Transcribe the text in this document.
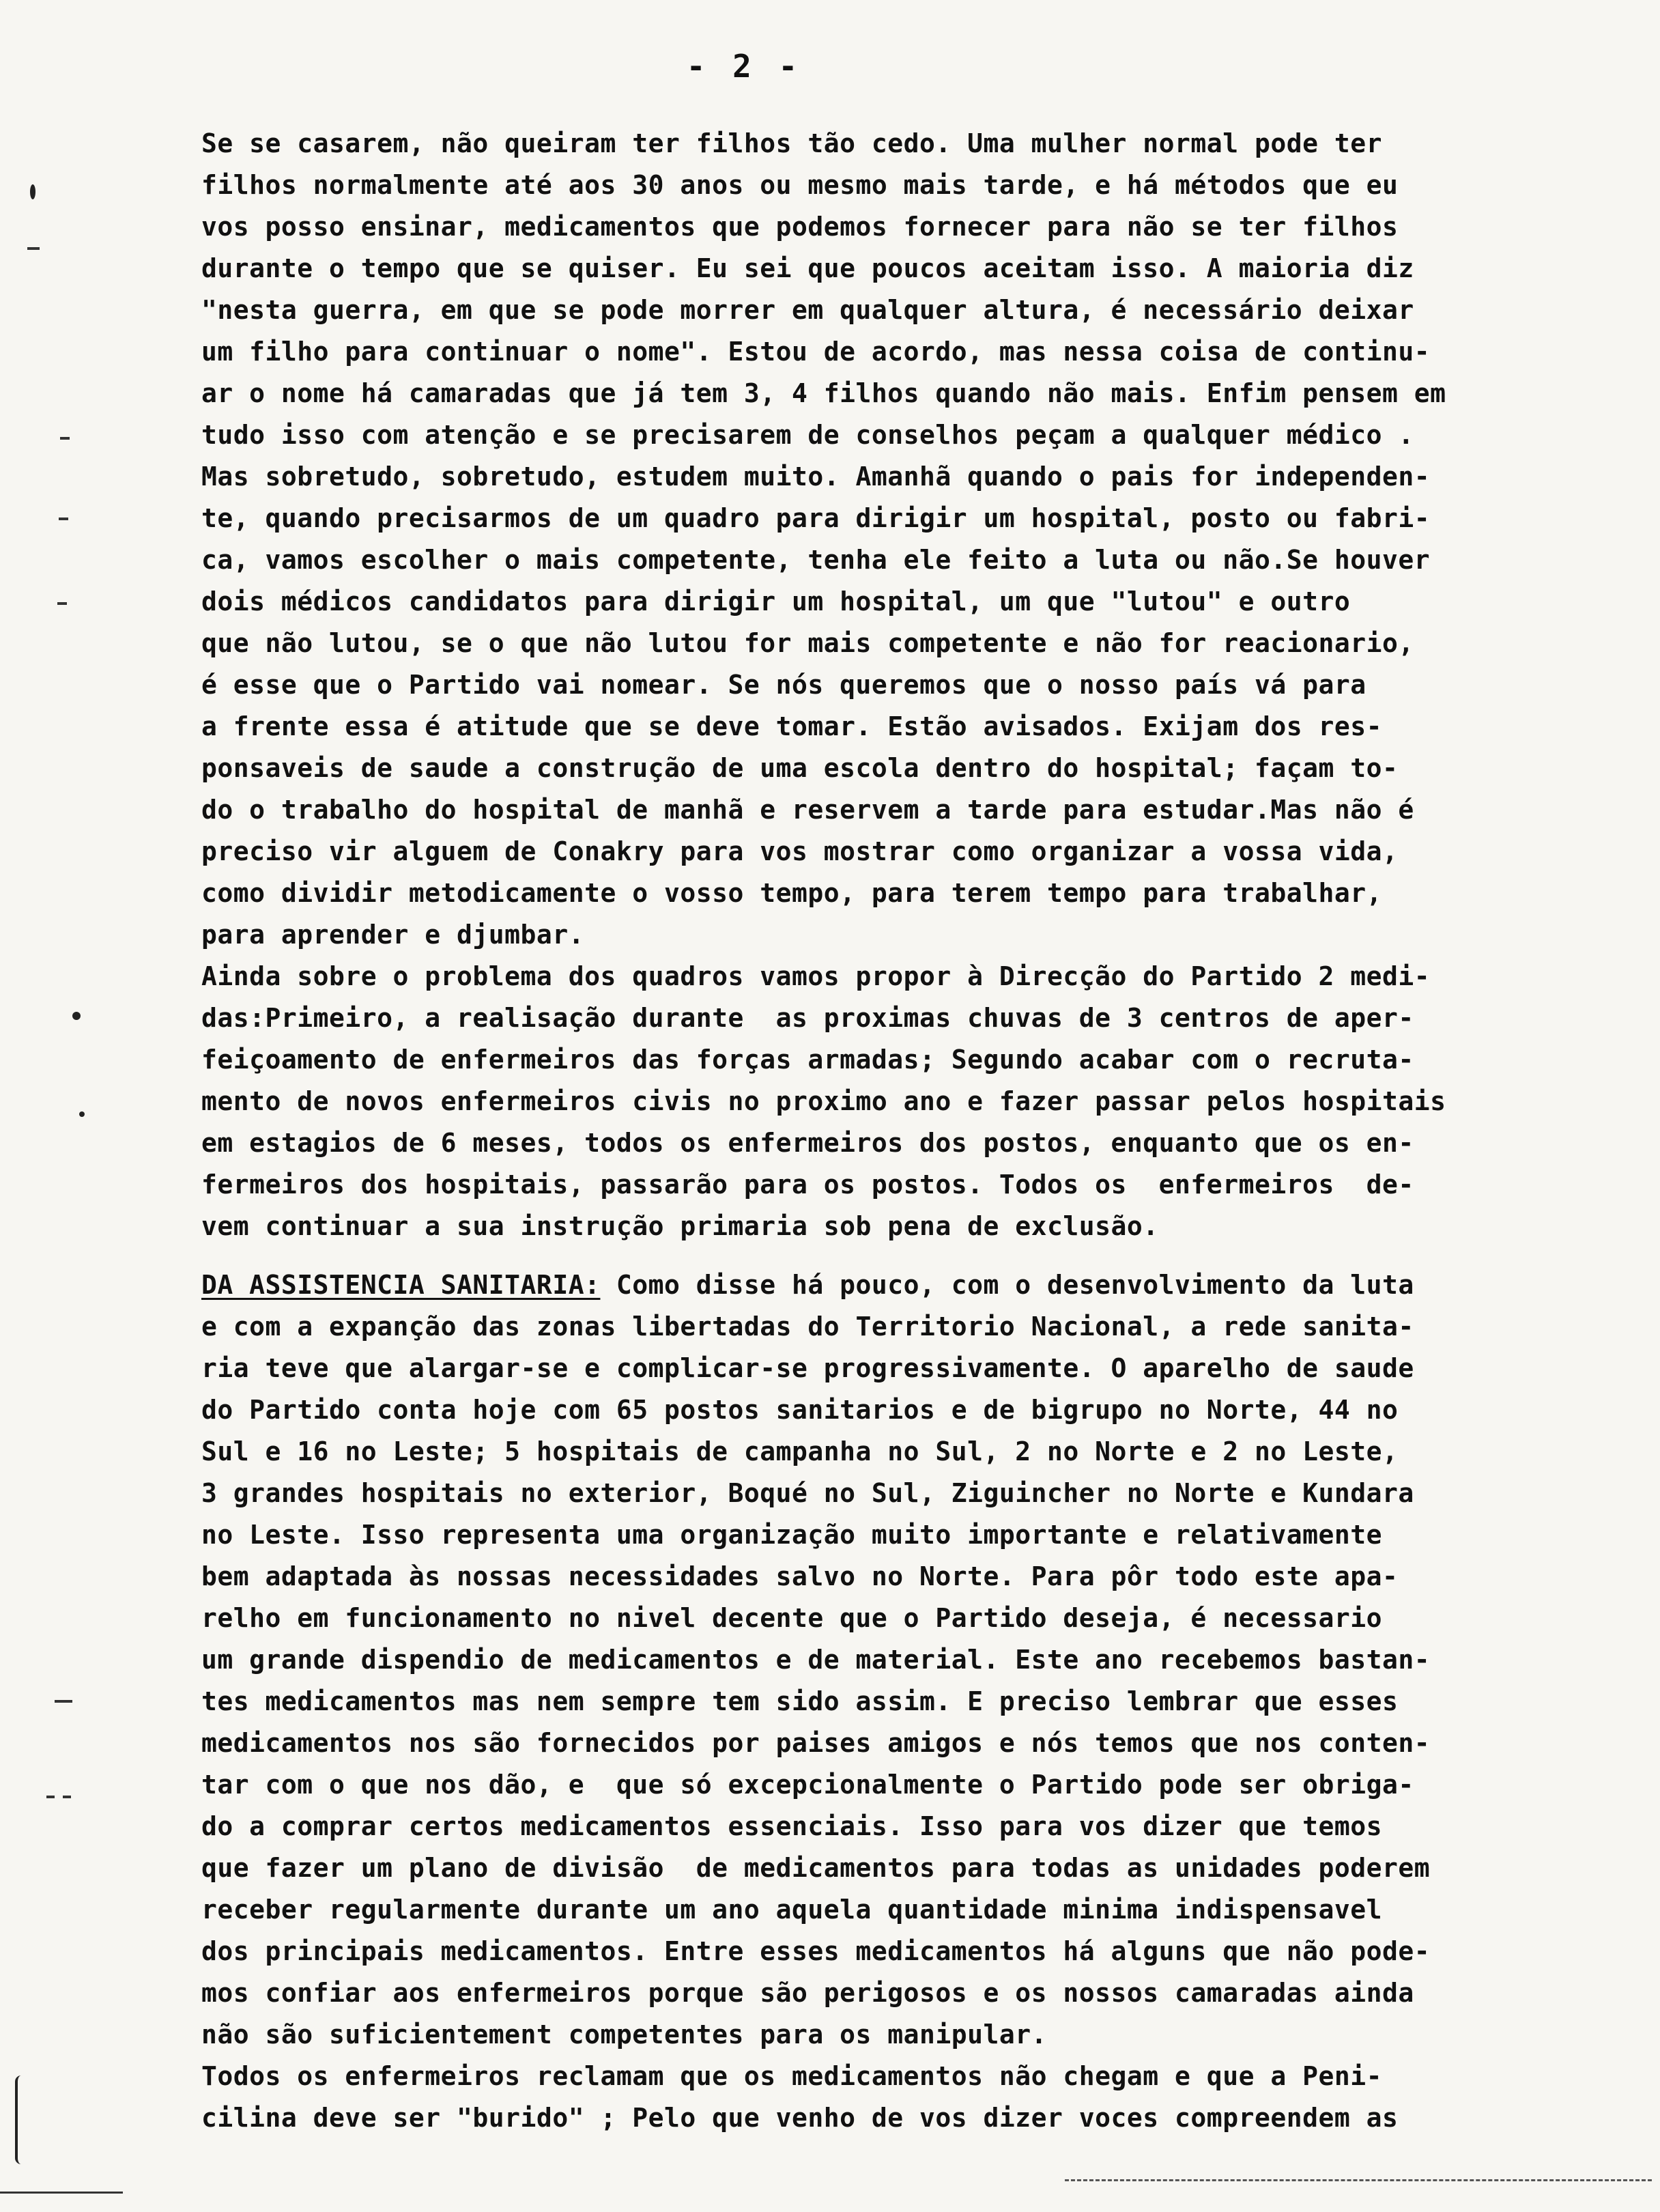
- 2 -
Se se casarem, não queiram ter filhos tão cedo. Uma mulher normal pode ter
filhos normalmente até aos 30 anos ou mesmo mais tarde, e há métodos que eu
vos posso ensinar, medicamentos que podemos fornecer para não se ter filhos
durante o tempo que se quiser. Eu sei que poucos aceitam isso. A maioria diz
"nesta guerra, em que se pode morrer em qualquer altura, é necessário deixar
um filho para continuar o nome". Estou de acordo, mas nessa coisa de continu-
ar o nome há camaradas que já tem 3, 4 filhos quando não mais. Enfim pensem em
tudo isso com atenção e se precisarem de conselhos peçam a qualquer médico .
Mas sobretudo, sobretudo, estudem muito. Amanhã quando o pais for independen-
te, quando precisarmos de um quadro para dirigir um hospital, posto ou fabri-
ca, vamos escolher o mais competente, tenha ele feito a luta ou não.Se houver
dois médicos candidatos para dirigir um hospital, um que "lutou" e outro
que não lutou, se o que não lutou for mais competente e não for reacionario,
é esse que o Partido vai nomear. Se nós queremos que o nosso país vá para
a frente essa é atitude que se deve tomar. Estão avisados. Exijam dos res-
ponsaveis de saude a construção de uma escola dentro do hospital; façam to-
do o trabalho do hospital de manhã e reservem a tarde para estudar.Mas não é
preciso vir alguem de Conakry para vos mostrar como organizar a vossa vida,
como dividir metodicamente o vosso tempo, para terem tempo para trabalhar,
para aprender e djumbar.
Ainda sobre o problema dos quadros vamos propor à Direcção do Partido 2 medi-
das:Primeiro, a realisação durante  as proximas chuvas de 3 centros de aper-
feiçoamento de enfermeiros das forças armadas; Segundo acabar com o recruta-
mento de novos enfermeiros civis no proximo ano e fazer passar pelos hospitais
em estagios de 6 meses, todos os enfermeiros dos postos, enquanto que os en-
fermeiros dos hospitais, passarão para os postos. Todos os  enfermeiros  de-
vem continuar a sua instrução primaria sob pena de exclusão.

DA ASSISTENCIA SANITARIA: Como disse há pouco, com o desenvolvimento da luta
e com a expanção das zonas libertadas do Territorio Nacional, a rede sanita-
ria teve que alargar-se e complicar-se progressivamente. O aparelho de saude
do Partido conta hoje com 65 postos sanitarios e de bigrupo no Norte, 44 no
Sul e 16 no Leste; 5 hospitais de campanha no Sul, 2 no Norte e 2 no Leste,
3 grandes hospitais no exterior, Boqué no Sul, Ziguincher no Norte e Kundara
no Leste. Isso representa uma organização muito importante e relativamente
bem adaptada às nossas necessidades salvo no Norte. Para pôr todo este apa-
relho em funcionamento no nivel decente que o Partido deseja, é necessario
um grande dispendio de medicamentos e de material. Este ano recebemos bastan-
tes medicamentos mas nem sempre tem sido assim. E preciso lembrar que esses
medicamentos nos são fornecidos por paises amigos e nós temos que nos conten-
tar com o que nos dão, e  que só excepcionalmente o Partido pode ser obriga-
do a comprar certos medicamentos essenciais. Isso para vos dizer que temos
que fazer um plano de divisão  de medicamentos para todas as unidades poderem
receber regularmente durante um ano aquela quantidade minima indispensavel
dos principais medicamentos. Entre esses medicamentos há alguns que não pode-
mos confiar aos enfermeiros porque são perigosos e os nossos camaradas ainda
não são suficientement competentes para os manipular.
Todos os enfermeiros reclamam que os medicamentos não chegam e que a Peni-
cilina deve ser "burido" ; Pelo que venho de vos dizer voces compreendem as
